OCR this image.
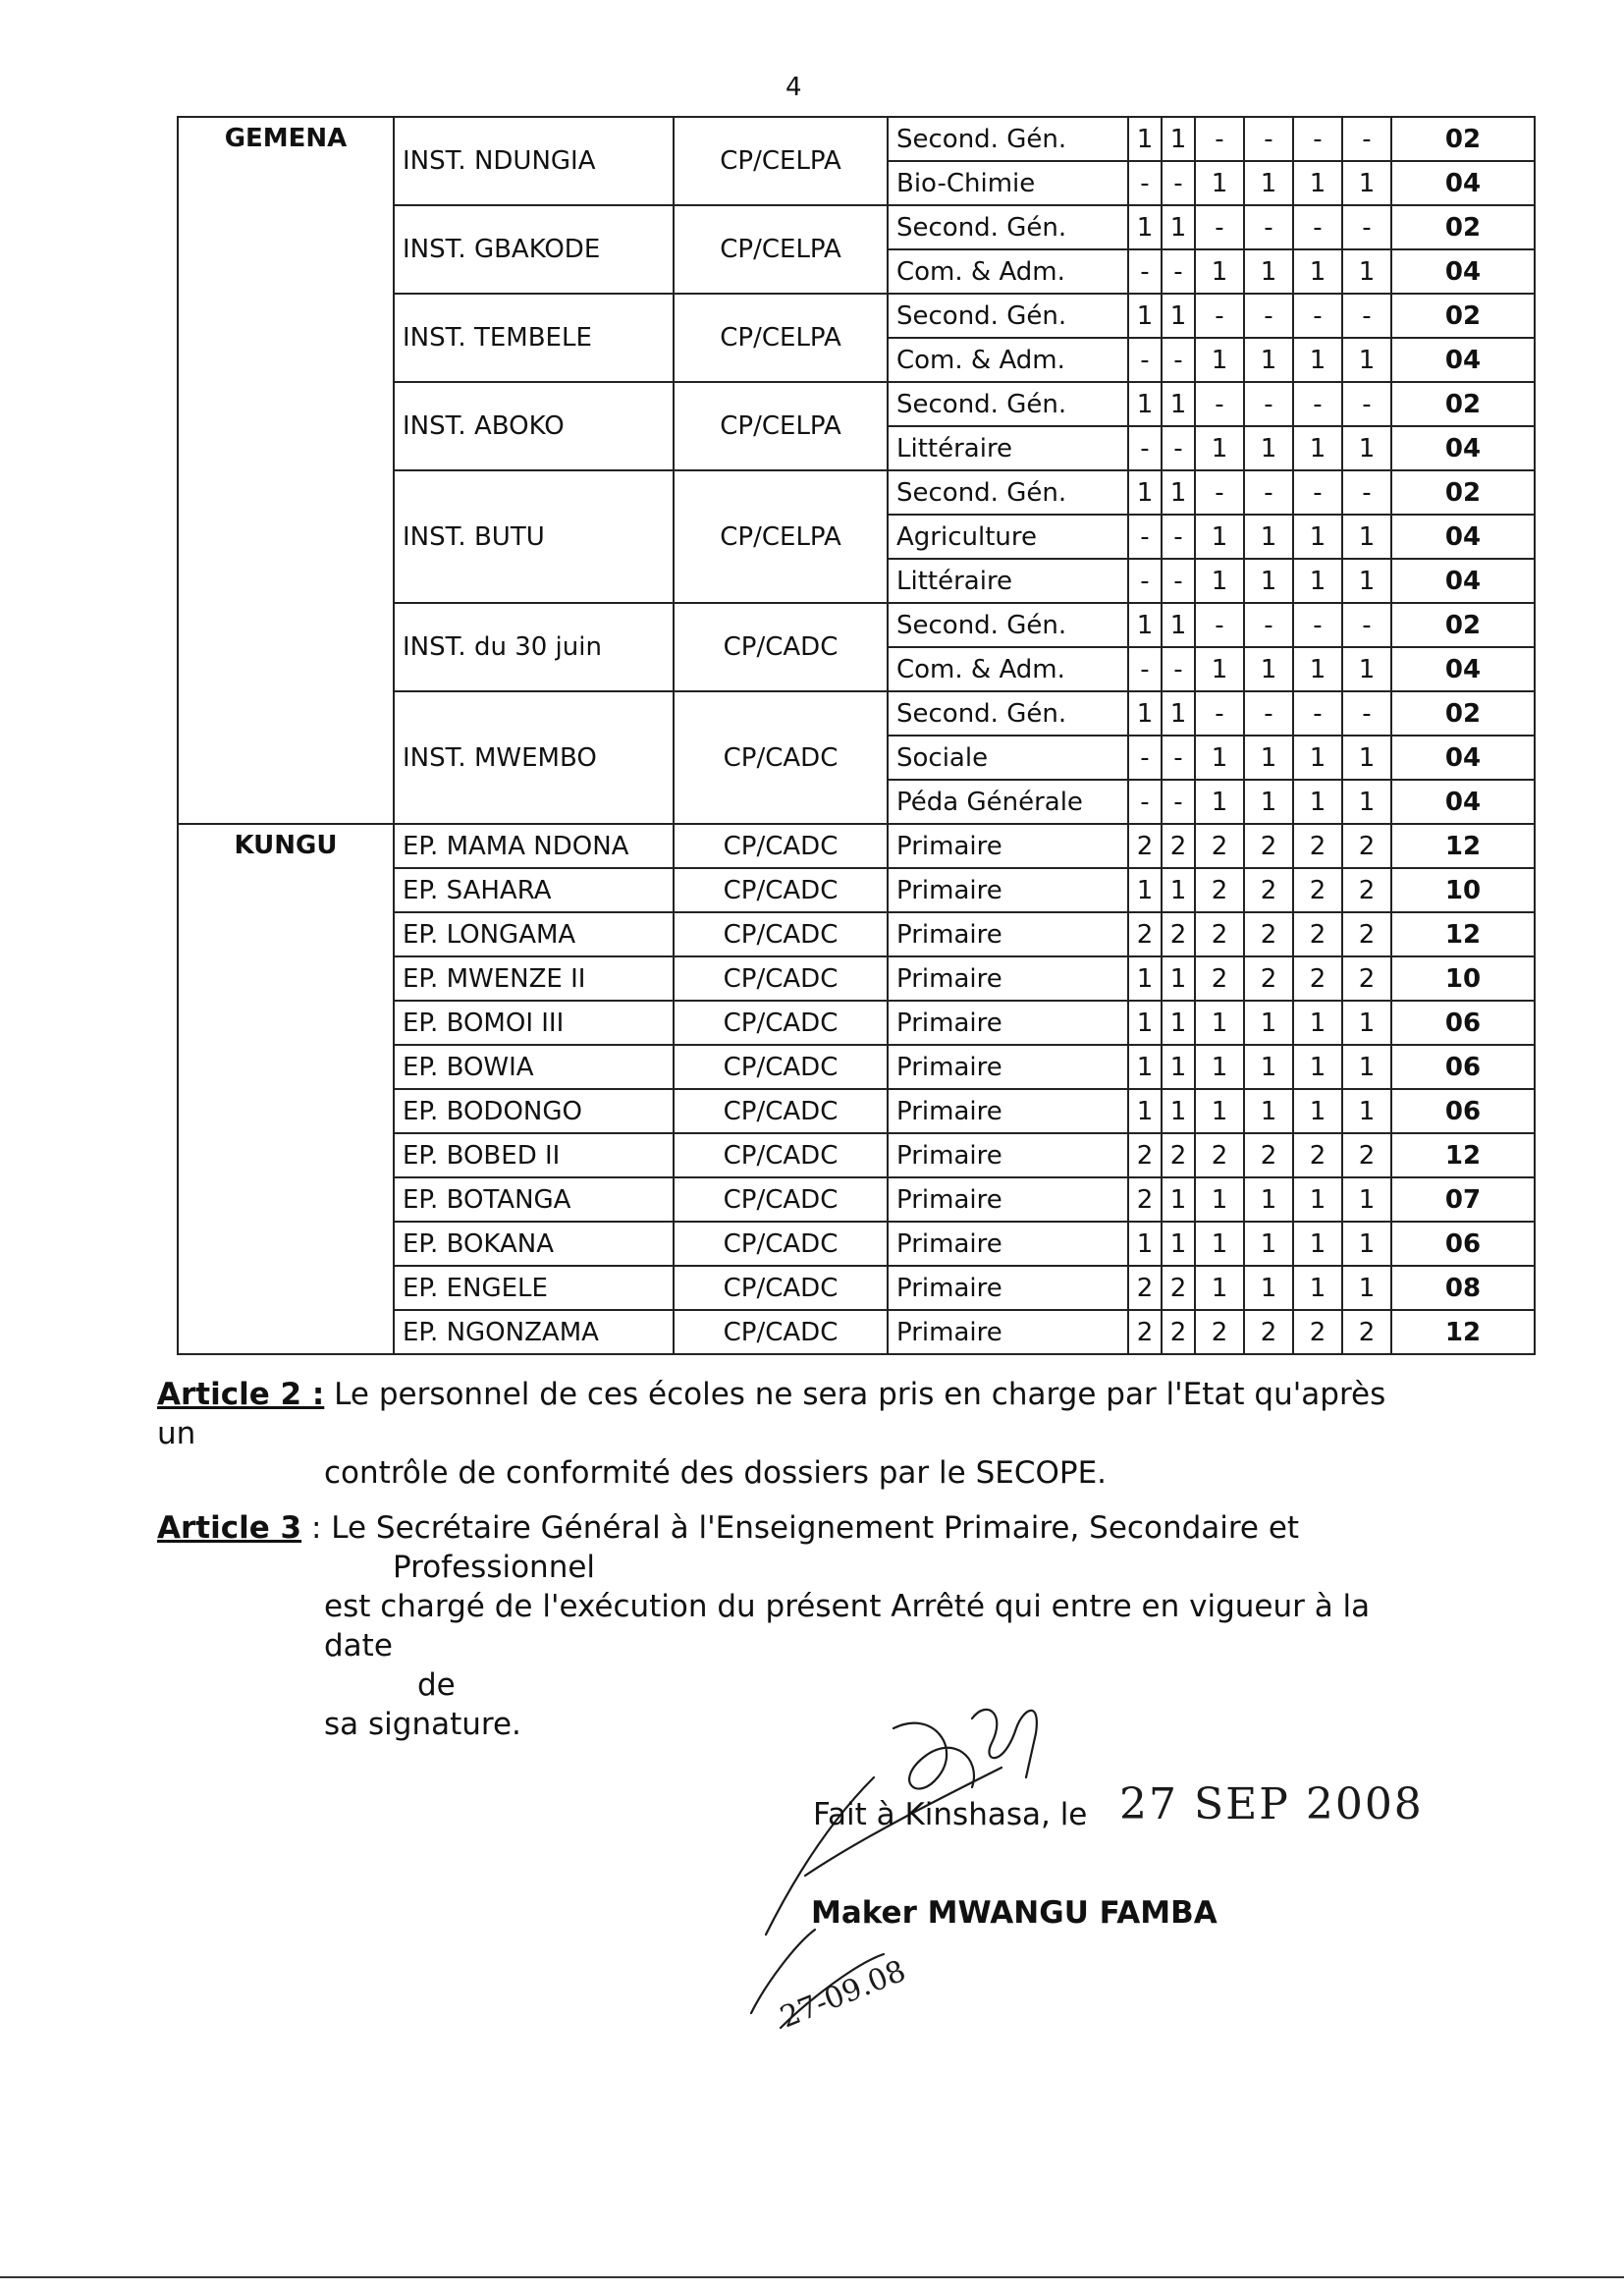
4
GEMENA	INST. NDUNGIA	CP/CELPA	Second. Gén.	1	1	-	-	-	-	02
			Bio-Chimie	-	-	1	1	1	1	04
	INST. GBAKODE	CP/CELPA	Second. Gén.	1	1	-	-	-	-	02
			Com. & Adm.	-	-	1	1	1	1	04
	INST. TEMBELE	CP/CELPA	Second. Gén.	1	1	-	-	-	-	02
			Com. & Adm.	-	-	1	1	1	1	04
	INST. ABOKO	CP/CELPA	Second. Gén.	1	1	-	-	-	-	02
			Littéraire	-	-	1	1	1	1	04
	INST. BUTU	CP/CELPA	Second. Gén.	1	1	-	-	-	-	02
			Agriculture	-	-	1	1	1	1	04
			Littéraire	-	-	1	1	1	1	04
	INST. du 30 juin	CP/CADC	Second. Gén.	1	1	-	-	-	-	02
			Com. & Adm.	-	-	1	1	1	1	04
	INST. MWEMBO	CP/CADC	Second. Gén.	1	1	-	-	-	-	02
			Sociale	-	-	1	1	1	1	04
			Péda Générale	-	-	1	1	1	1	04
KUNGU	EP. MAMA NDONA	CP/CADC	Primaire	2	2	2	2	2	2	12
	EP. SAHARA	CP/CADC	Primaire	1	1	2	2	2	2	10
	EP. LONGAMA	CP/CADC	Primaire	2	2	2	2	2	2	12
	EP. MWENZE II	CP/CADC	Primaire	1	1	2	2	2	2	10
	EP. BOMOI III	CP/CADC	Primaire	1	1	1	1	1	1	06
	EP. BOWIA	CP/CADC	Primaire	1	1	1	1	1	1	06
	EP. BODONGO	CP/CADC	Primaire	1	1	1	1	1	1	06
	EP. BOBED II	CP/CADC	Primaire	2	2	2	2	2	2	12
	EP. BOTANGA	CP/CADC	Primaire	2	1	1	1	1	1	07
	EP. BOKANA	CP/CADC	Primaire	1	1	1	1	1	1	06
	EP. ENGELE	CP/CADC	Primaire	2	2	1	1	1	1	08
	EP. NGONZAMA	CP/CADC	Primaire	2	2	2	2	2	2	12
Article 2 : Le personnel de ces écoles ne sera pris en charge par l'Etat qu'après un
contrôle de conformité des dossiers par le SECOPE.
Article 3 : Le Secrétaire Général à l'Enseignement Primaire, Secondaire et
Professionnel
est chargé de l'exécution du présent Arrêté qui entre en vigueur à la date
de
sa signature.
27-09.08
Fait à Kinshasa, le 27 SEP 2008
Maker MWANGU FAMBA
